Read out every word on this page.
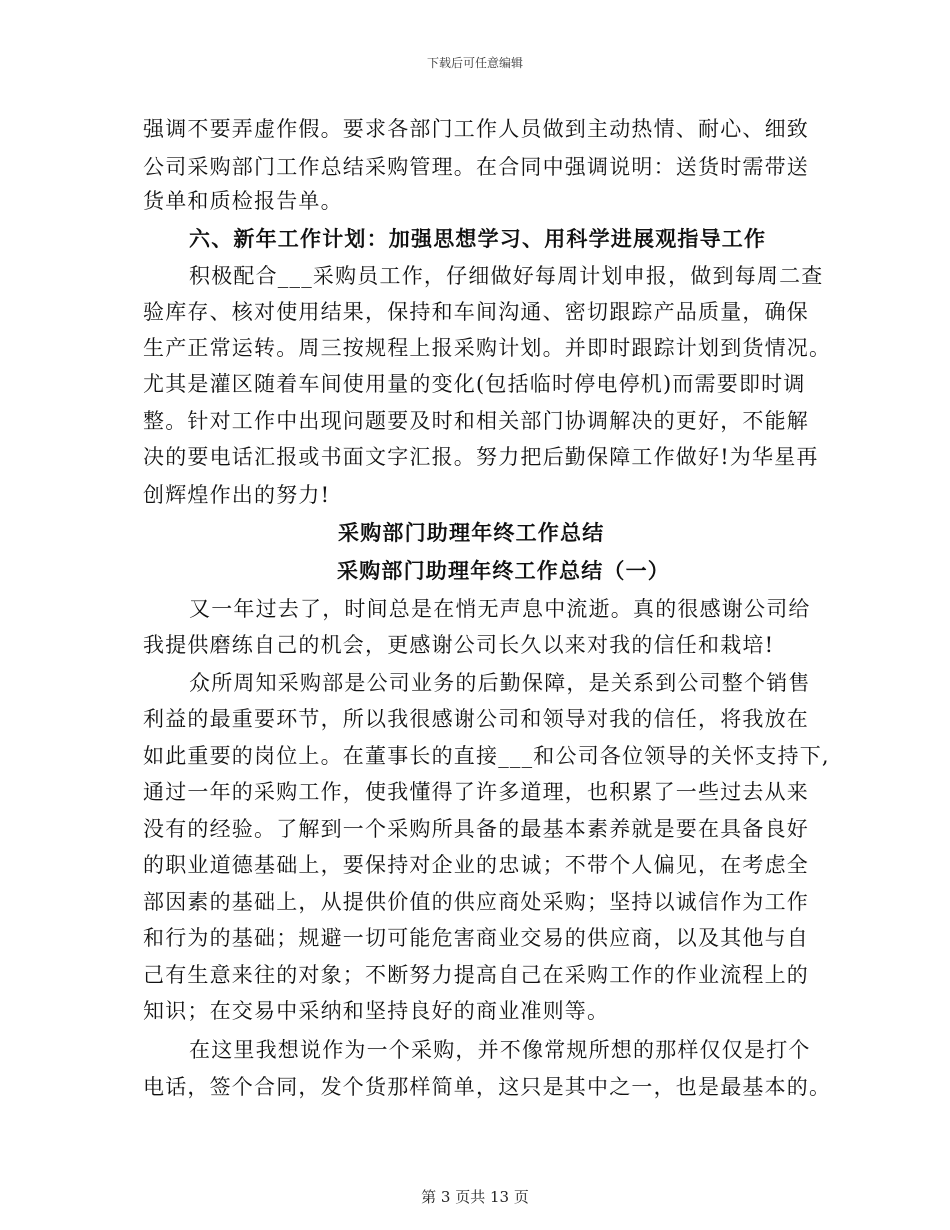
下载后可任意编辑
强调不要弄虚作假。要求各部门工作人员做到主动热情、耐心、细致
公司采购部门工作总结采购管理。在合同中强调说明：送货时需带送
货单和质检报告单。
六、新年工作计划：加强思想学习、用科学进展观指导工作
积极配合___采购员工作，仔细做好每周计划申报，做到每周二查
验库存、核对使用结果，保持和车间沟通、密切跟踪产品质量，确保
生产正常运转。周三按规程上报采购计划。并即时跟踪计划到货情况。
尤其是灌区随着车间使用量的变化(包括临时停电停机)而需要即时调
整。针对工作中出现问题要及时和相关部门协调解决的更好，不能解
决的要电话汇报或书面文字汇报。努力把后勤保障工作做好!为华星再
创辉煌作出的努力!
采购部门助理年终工作总结
采购部门助理年终工作总结（一）
又一年过去了，时间总是在悄无声息中流逝。真的很感谢公司给
我提供磨练自己的机会，更感谢公司长久以来对我的信任和栽培!
众所周知采购部是公司业务的后勤保障，是关系到公司整个销售
利益的最重要环节，所以我很感谢公司和领导对我的信任，将我放在
如此重要的岗位上。在董事长的直接___和公司各位领导的关怀支持下,
通过一年的采购工作，使我懂得了许多道理，也积累了一些过去从来
没有的经验。了解到一个采购所具备的最基本素养就是要在具备良好
的职业道德基础上，要保持对企业的忠诚；不带个人偏见，在考虑全
部因素的基础上，从提供价值的供应商处采购；坚持以诚信作为工作
和行为的基础；规避一切可能危害商业交易的供应商，以及其他与自
己有生意来往的对象；不断努力提高自己在采购工作的作业流程上的
知识；在交易中采纳和坚持良好的商业准则等。
在这里我想说作为一个采购，并不像常规所想的那样仅仅是打个
电话，签个合同，发个货那样简单，这只是其中之一，也是最基本的。
第 3 页共 13 页
